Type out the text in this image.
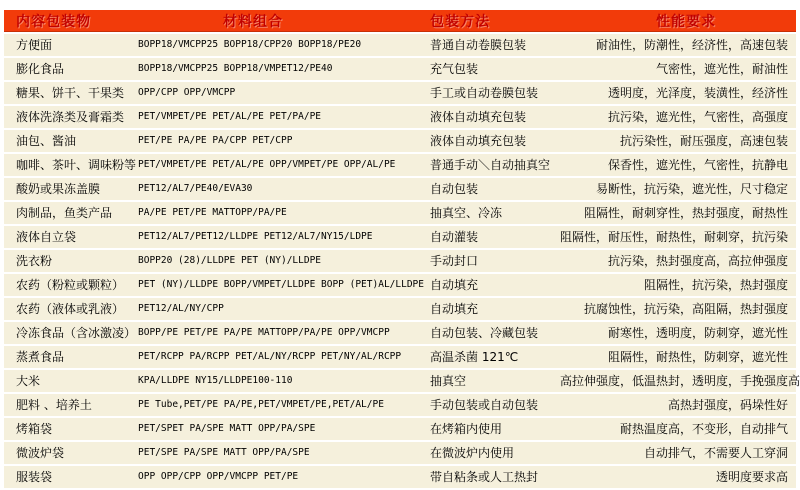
内容包装物	材料组合	包装方法	性能要求
方便面	BOPP18/VMCPP25 BOPP18/CPP20 BOPP18/PE20	普通自动卷膜包装	耐油性，防潮性，经济性，高速包装
膨化食品	BOPP18/VMCPP25 BOPP18/VMPET12/PE40	充气包装	气密性，遮光性，耐油性
糖果、饼干、干果类	OPP/CPP OPP/VMCPP	手工或自动卷膜包装	透明度，光泽度，装潢性，经济性
液体洗涤类及膏霜类	PET/VMPET/PE PET/AL/PE PET/PA/PE	液体自动填充包装	抗污染，遮光性，气密性，高强度
油包、酱油	PET/PE PA/PE PA/CPP PET/CPP	液体自动填充包装	抗污染性，耐压强度，高速包装
咖啡、茶叶、调味粉等 PET/VMPET/PE PET/AL/PE OPP/VMPET/PE OPP/AL/PE	普通手动＼自动抽真空	保香性，遮光性，气密性，抗静电
酸奶或果冻盖膜	PET12/AL7/PE40/EVA30	自动包装	易断性，抗污染，遮光性，尺寸稳定
肉制品，鱼类产品	PA/PE PET/PE MATTOPP/PA/PE	抽真空、冷冻	阻隔性，耐刺穿性，热封强度，耐热性
液体自立袋	PET12/AL7/PET12/LLDPE PET12/AL7/NY15/LDPE	自动灌装	阻隔性，耐压性，耐热性，耐刺穿，抗污染
洗衣粉	BOPP20 (28)/LLDPE PET (NY)/LLDPE	手动封口	抗污染，热封强度高，高拉伸强度
农药（粉粒或颗粒）	PET (NY)/LLDPE BOPP/VMPET/LLDPE BOPP (PET)AL/LLDPE 自动填充	阻隔性，抗污染，热封强度
农药（液体或乳液）	PET12/AL/NY/CPP	自动填充	抗腐蚀性，抗污染，高阻隔，热封强度
冷冻食品（含冰激凌） BOPP/PE PET/PE PA/PE MATTOPP/PA/PE OPP/VMCPP	自动包装、冷藏包装	耐寒性，透明度，防刺穿，遮光性
蒸煮食品	PET/RCPP PA/RCPP PET/AL/NY/RCPP PET/NY/AL/RCPP	高温杀菌 121℃	阻隔性，耐热性，防刺穿，遮光性
大米	KPA/LLDPE NY15/LLDPE100-110	抽真空	高拉伸强度，低温热封，透明度，手挽强度高
肥料 、培养土	PE Tube,PET/PE PA/PE,PET/VMPET/PE,PET/AL/PE	手动包装或自动包装	高热封强度，码垛性好
烤箱袋	PET/SPET PA/SPE MATT OPP/PA/SPE	在烤箱内使用	耐热温度高，不变形，自动排气
微波炉袋	PET/SPE PA/SPE MATT OPP/PA/SPE	在微波炉内使用	自动排气，不需要人工穿洞
服装袋	OPP OPP/CPP OPP/VMCPP PET/PE	带自粘条或人工热封	透明度要求高
